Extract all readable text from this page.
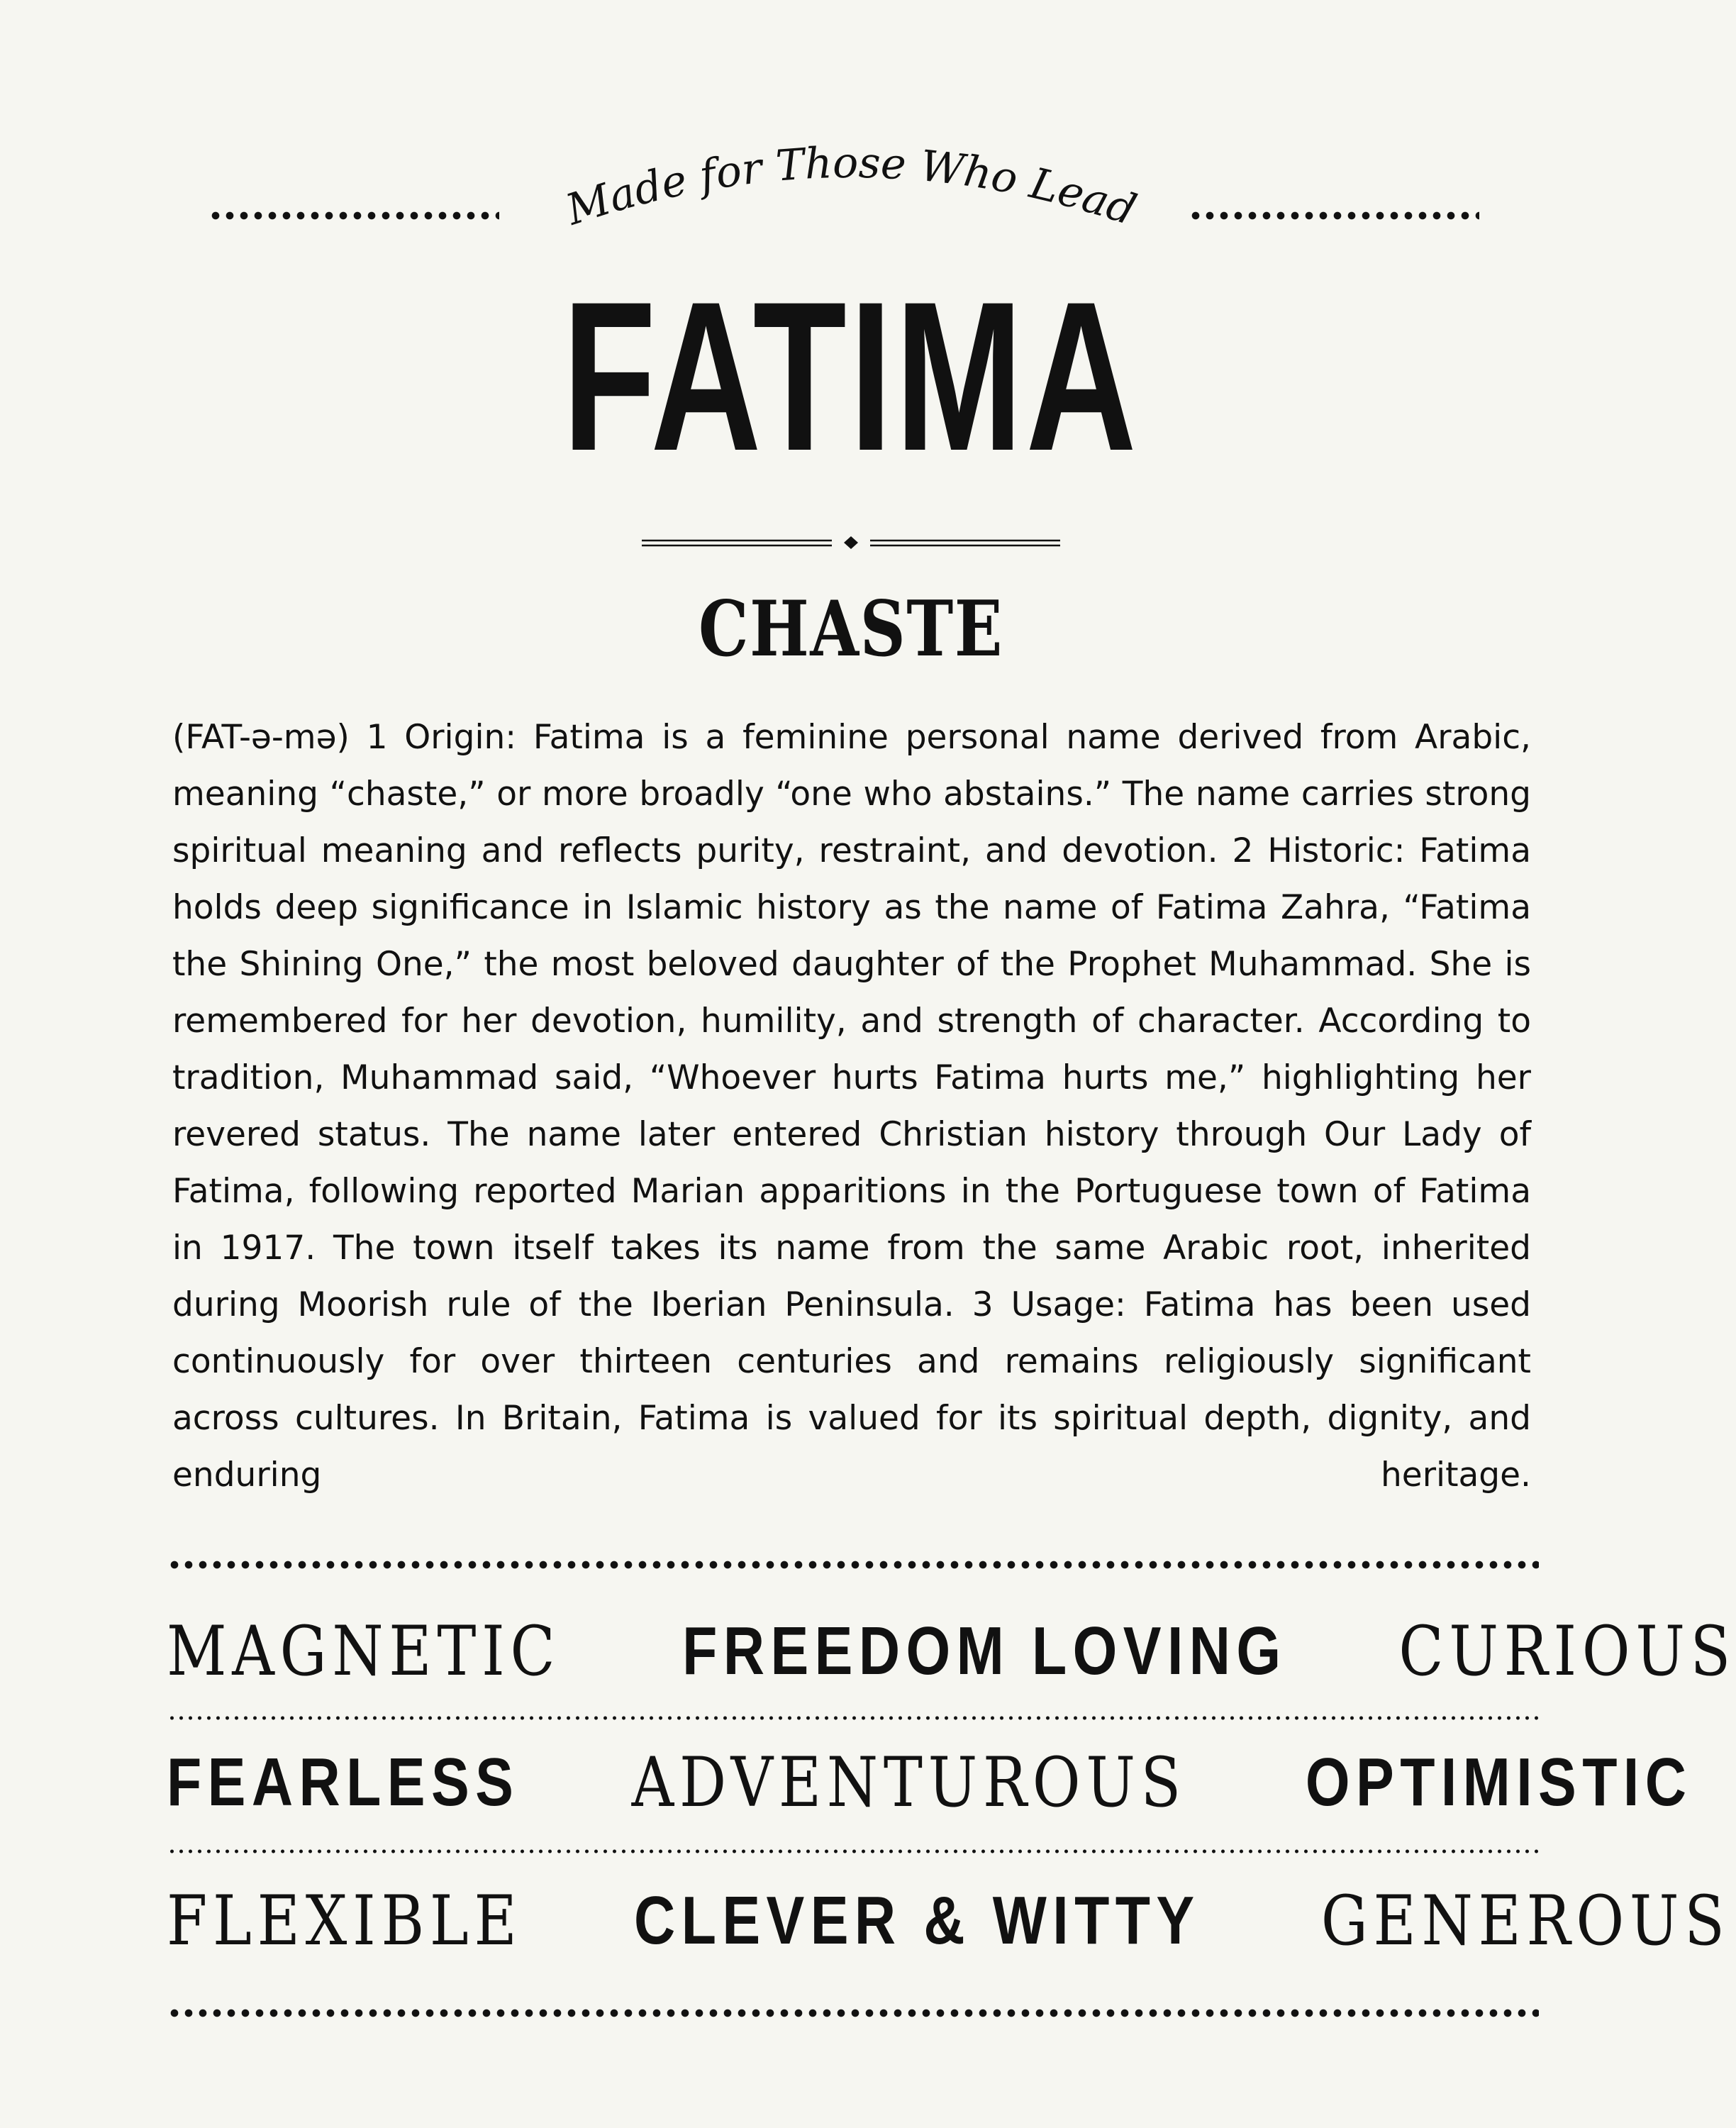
Made for Those Who Lead
FATIMA
CHASTE

(FAT-ə-mə) 1 Origin: Fatima is a feminine personal name derived from Arabic, meaning “chaste,” or more broadly “one who abstains.” The name carries strong spiritual meaning and reflects purity, restraint, and devotion. 2 Historic: Fatima holds deep significance in Islamic history as the name of Fatima Zahra, “Fatima the Shining One,” the most beloved daughter of the Prophet Muhammad. She is remembered for her devotion, humility, and strength of character. According to tradition, Muhammad said, “Whoever hurts Fatima hurts me,” highlighting her revered status. The name later entered Christian history through Our Lady of Fatima, following reported Marian apparitions in the Portuguese town of Fatima in 1917. The town itself takes its name from the same Arabic root, inherited during Moorish rule of the Iberian Peninsula. 3 Usage: Fatima has been used continuously for over thirteen centuries and remains religiously significant across cultures. In Britain, Fatima is valued for its spiritual depth, dignity, and enduring heritage.

MAGNETIC FREEDOM LOVING CURIOUS
FEARLESS ADVENTUROUS OPTIMISTIC
FLEXIBLE CLEVER & WITTY GENEROUS
